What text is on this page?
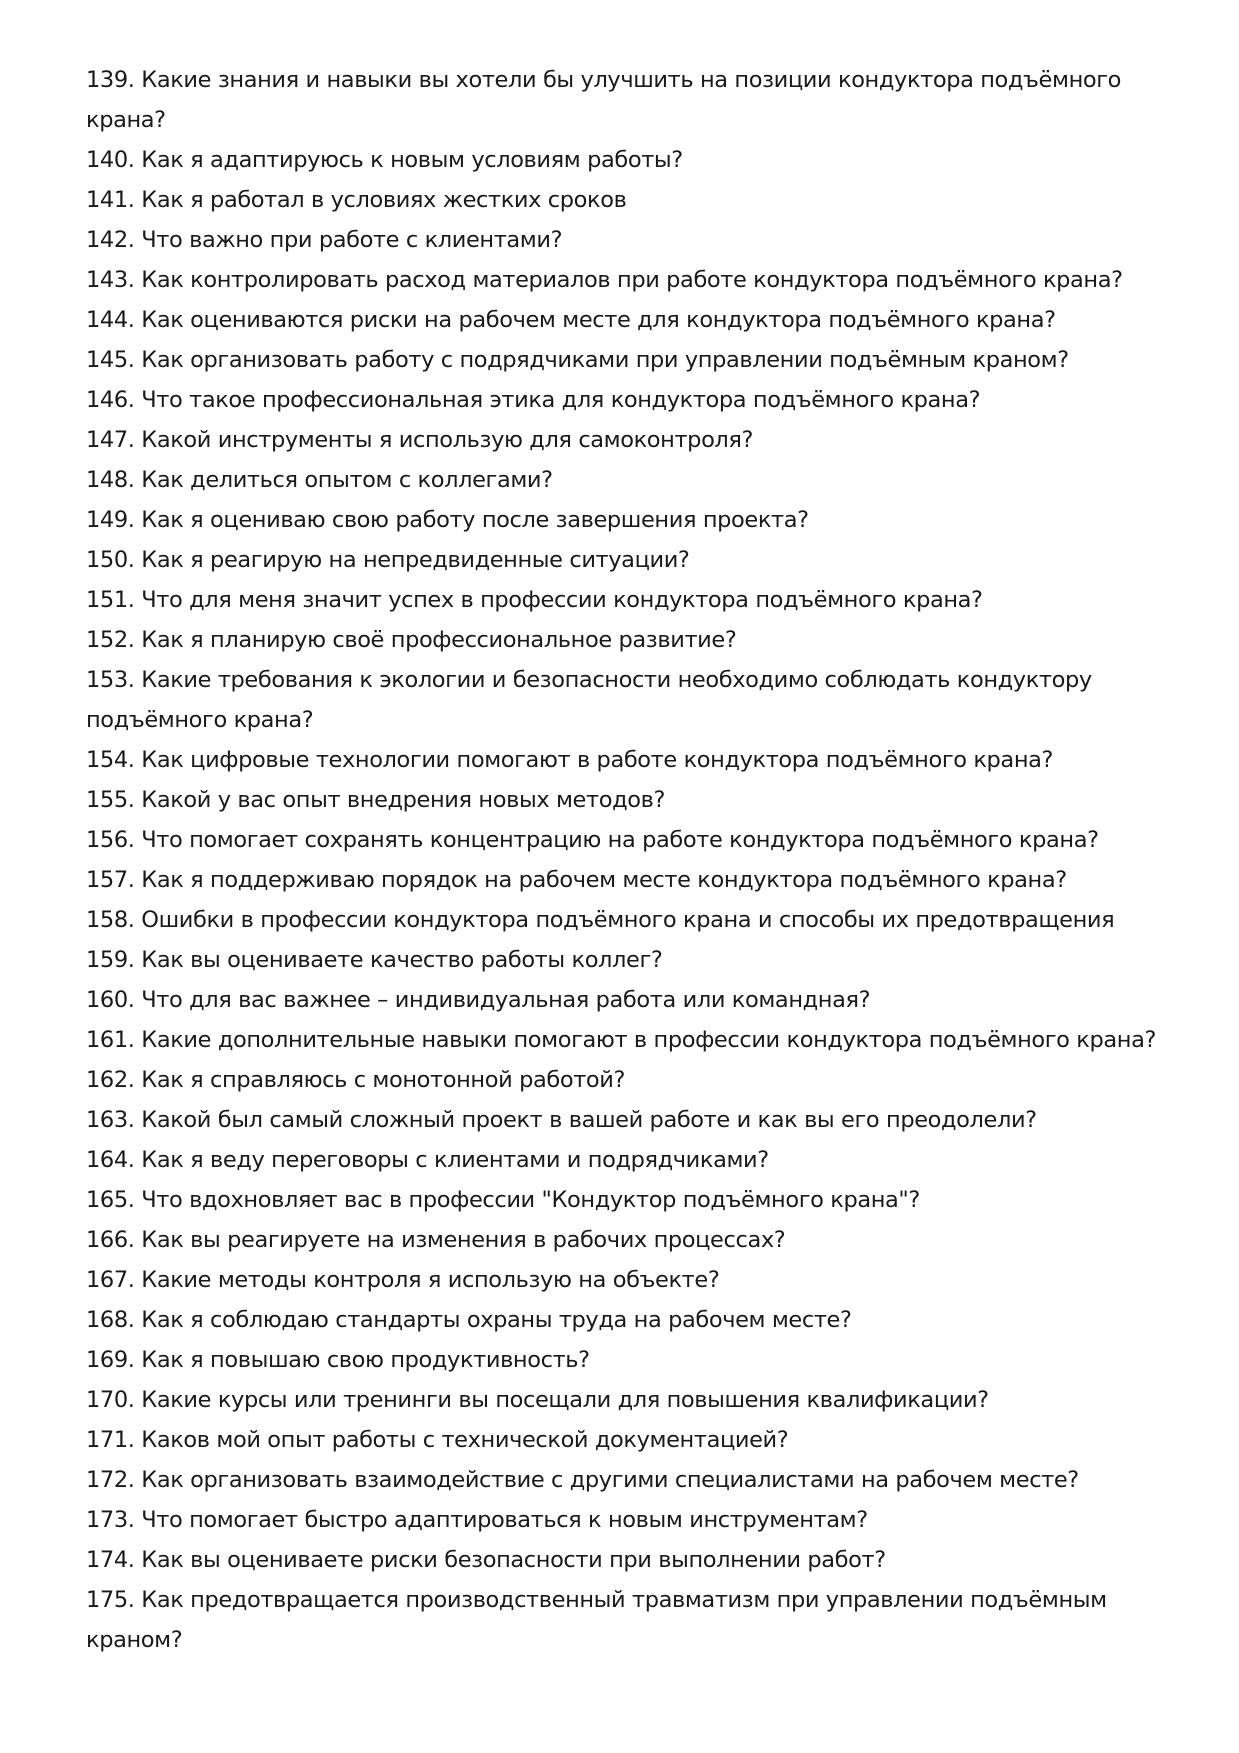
139. Какие знания и навыки вы хотели бы улучшить на позиции кондуктора подъёмного крана?
140. Как я адаптируюсь к новым условиям работы?
141. Как я работал в условиях жестких сроков
142. Что важно при работе с клиентами?
143. Как контролировать расход материалов при работе кондуктора подъёмного крана?
144. Как оцениваются риски на рабочем месте для кондуктора подъёмного крана?
145. Как организовать работу с подрядчиками при управлении подъёмным краном?
146. Что такое профессиональная этика для кондуктора подъёмного крана?
147. Какой инструменты я использую для самоконтроля?
148. Как делиться опытом с коллегами?
149. Как я оцениваю свою работу после завершения проекта?
150. Как я реагирую на непредвиденные ситуации?
151. Что для меня значит успех в профессии кондуктора подъёмного крана?
152. Как я планирую своё профессиональное развитие?
153. Какие требования к экологии и безопасности необходимо соблюдать кондуктору подъёмного крана?
154. Как цифровые технологии помогают в работе кондуктора подъёмного крана?
155. Какой у вас опыт внедрения новых методов?
156. Что помогает сохранять концентрацию на работе кондуктора подъёмного крана?
157. Как я поддерживаю порядок на рабочем месте кондуктора подъёмного крана?
158. Ошибки в профессии кондуктора подъёмного крана и способы их предотвращения
159. Как вы оцениваете качество работы коллег?
160. Что для вас важнее – индивидуальная работа или командная?
161. Какие дополнительные навыки помогают в профессии кондуктора подъёмного крана?
162. Как я справляюсь с монотонной работой?
163. Какой был самый сложный проект в вашей работе и как вы его преодолели?
164. Как я веду переговоры с клиентами и подрядчиками?
165. Что вдохновляет вас в профессии "Кондуктор подъёмного крана"?
166. Как вы реагируете на изменения в рабочих процессах?
167. Какие методы контроля я использую на объекте?
168. Как я соблюдаю стандарты охраны труда на рабочем месте?
169. Как я повышаю свою продуктивность?
170. Какие курсы или тренинги вы посещали для повышения квалификации?
171. Каков мой опыт работы с технической документацией?
172. Как организовать взаимодействие с другими специалистами на рабочем месте?
173. Что помогает быстро адаптироваться к новым инструментам?
174. Как вы оцениваете риски безопасности при выполнении работ?
175. Как предотвращается производственный травматизм при управлении подъёмным краном?
